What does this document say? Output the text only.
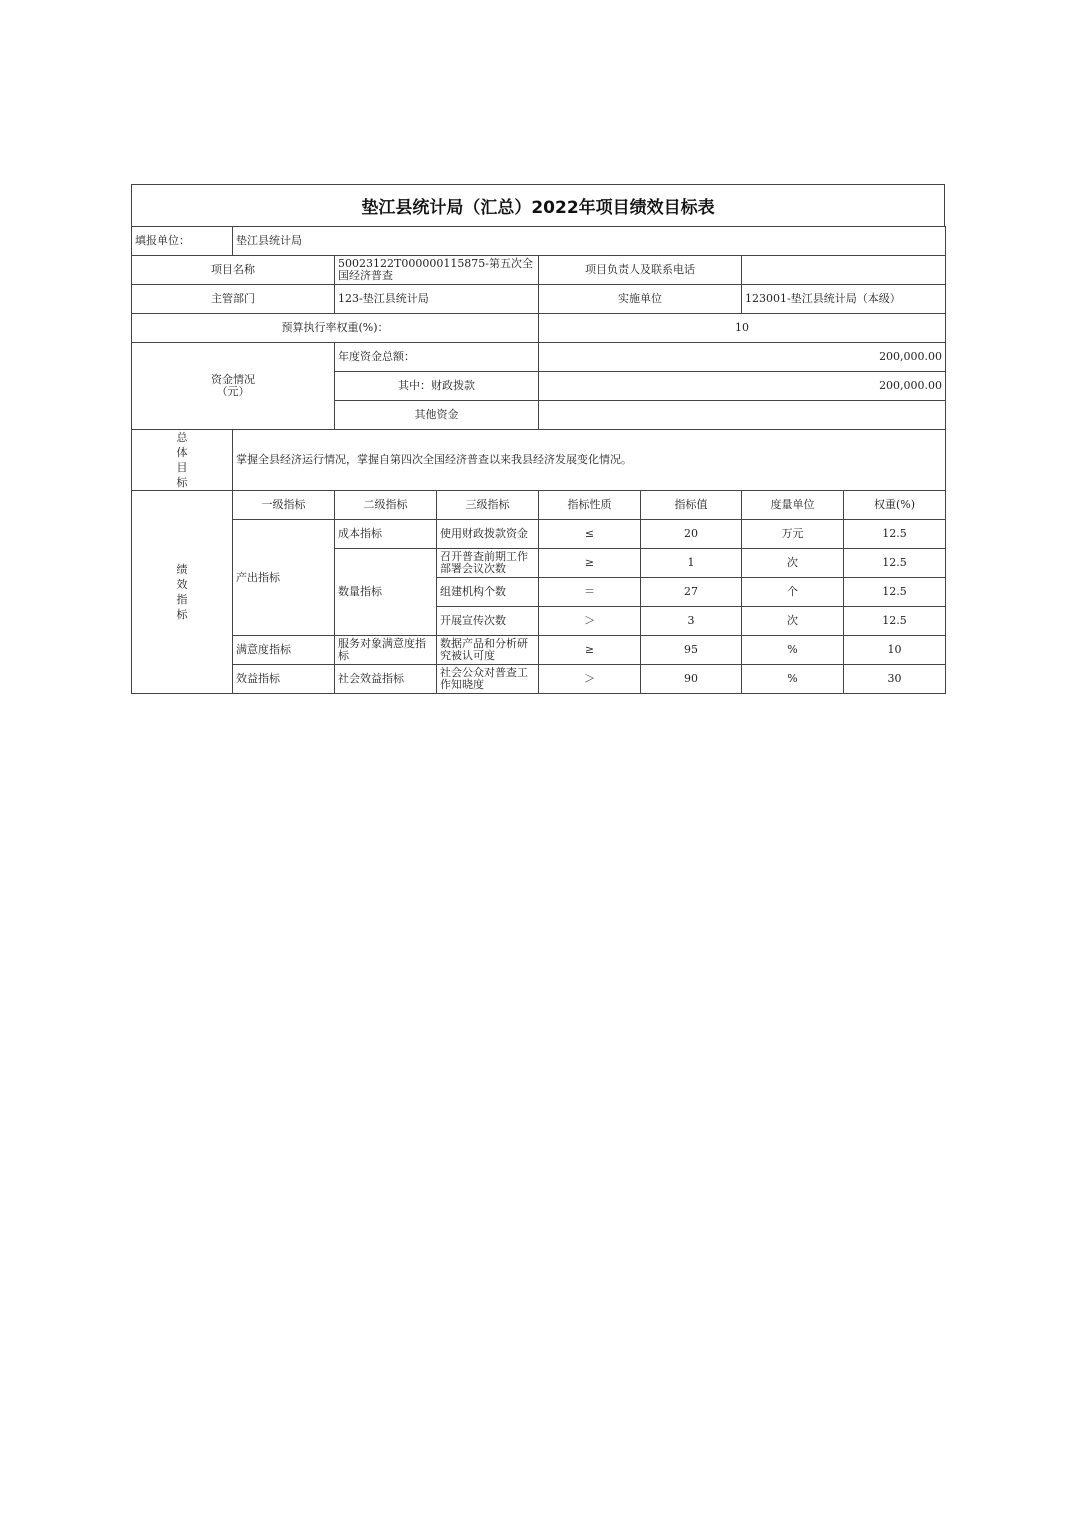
垫江县统计局（汇总）2022年项目绩效目标表
填报单位：	垫江县统计局						
项目名称		50023122T000000115875-第五次全国经济普查		项目负责人及联系电话			
主管部门		123-垫江县统计局		实施单位		123001-垫江县统计局（本级）	
预算执行率权重(%)：				10			

资金情况
（元）		年度资金总额：		200,000.00			
		其中：财政拨款		200,000.00			
		其他资金					

总
体
目
标	掌握全县经济运行情况，掌握自第四次全国经济普查以来我县经济发展变化情况。						

绩
效
指
标	一级指标	二级指标	三级指标	指标性质	指标值	度量单位	权重(%)
	产出指标	成本指标	使用财政拨款资金	≤	20	万元	12.5
		数量指标	召开普查前期工作部署会议次数	≥	1	次	12.5
			组建机构个数	＝	27	个	12.5
			开展宣传次数	＞	3	次	12.5
	满意度指标	服务对象满意度指标	数据产品和分析研究被认可度	≥	95	%	10
	效益指标	社会效益指标	社会公众对普查工作知晓度	＞	90	%	30
